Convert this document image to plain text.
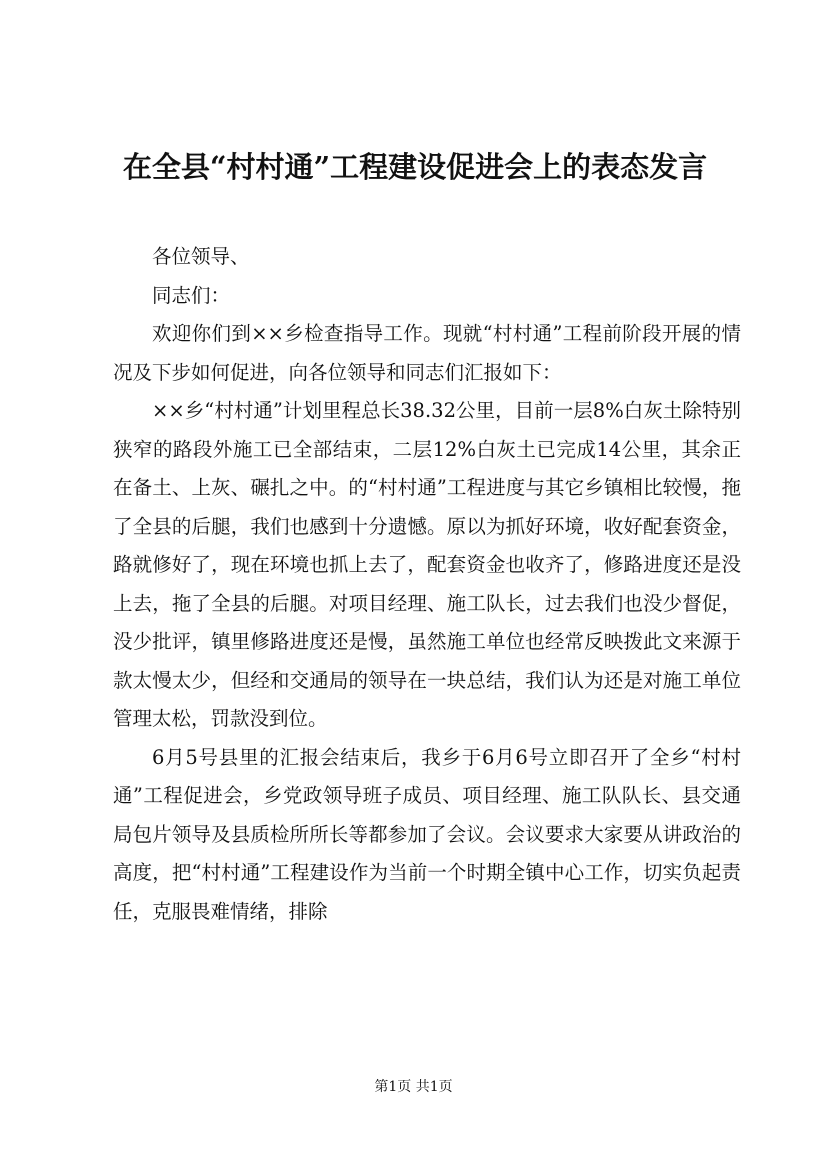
在全县“村村通”工程建设促进会上的表态发言

各位领导、

同志们：

欢迎你们到××乡检查指导工作。现就“村村通”工程前阶段开展的情况及下步如何促进，向各位领导和同志们汇报如下：

××乡“村村通”计划里程总长38.32公里，目前一层8%白灰土除特别狭窄的路段外施工已全部结束，二层12%白灰土已完成14公里，其余正在备土、上灰、碾扎之中。的“村村通”工程进度与其它乡镇相比较慢，拖了全县的后腿，我们也感到十分遗憾。原以为抓好环境，收好配套资金，路就修好了，现在环境也抓上去了，配套资金也收齐了，修路进度还是没上去，拖了全县的后腿。对项目经理、施工队长，过去我们也没少督促，没少批评，镇里修路进度还是慢，虽然施工单位也经常反映拨此文来源于款太慢太少，但经和交通局的领导在一块总结，我们认为还是对施工单位管理太松，罚款没到位。

6月5号县里的汇报会结束后，我乡于6月6号立即召开了全乡“村村通”工程促进会，乡党政领导班子成员、项目经理、施工队队长、县交通局包片领导及县质检所所长等都参加了会议。会议要求大家要从讲政治的高度，把“村村通”工程建设作为当前一个时期全镇中心工作，切实负起责任，克服畏难情绪，排除

第1页 共1页
